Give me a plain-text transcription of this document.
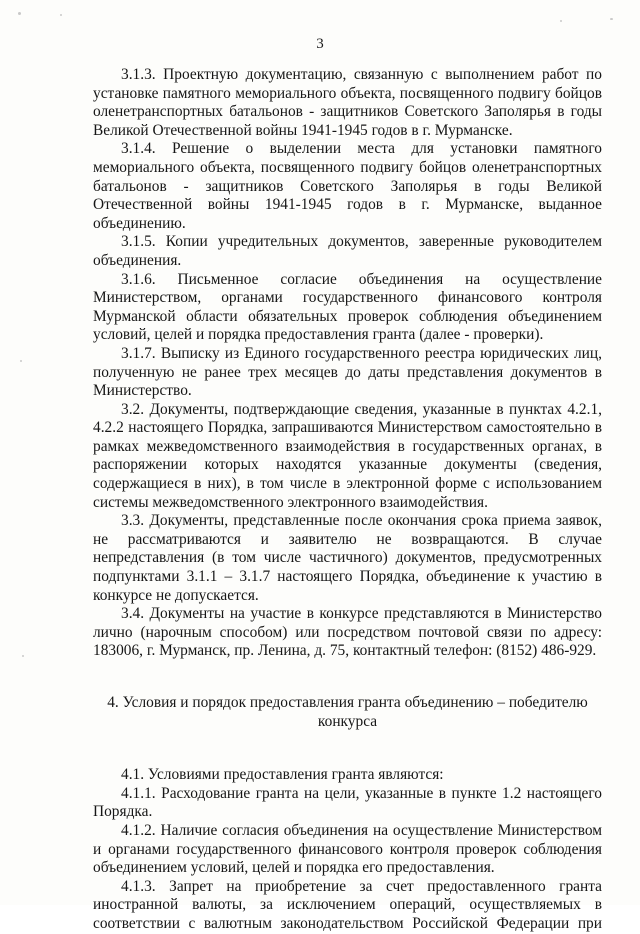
3

3.1.3. Проектную документацию, связанную с выполнением работ по установке памятного мемориального объекта, посвященного подвигу бойцов оленетранспортных батальонов - защитников Советского Заполярья в годы Великой Отечественной войны 1941-1945 годов в г. Мурманске.

3.1.4. Решение о выделении места для установки памятного мемориального объекта, посвященного подвигу бойцов оленетранспортных батальонов - защитников Советского Заполярья в годы Великой Отечественной войны 1941-1945 годов в г. Мурманске, выданное объединению.

3.1.5. Копии учредительных документов, заверенные руководителем объединения.

3.1.6. Письменное согласие объединения на осуществление Министерством, органами государственного финансового контроля Мурманской области обязательных проверок соблюдения объединением условий, целей и порядка предоставления гранта (далее - проверки).

3.1.7. Выписку из Единого государственного реестра юридических лиц, полученную не ранее трех месяцев до даты представления документов в Министерство.

3.2. Документы, подтверждающие сведения, указанные в пунктах 4.2.1, 4.2.2 настоящего Порядка, запрашиваются Министерством самостоятельно в рамках межведомственного взаимодействия в государственных органах, в распоряжении которых находятся указанные документы (сведения, содержащиеся в них), в том числе в электронной форме с использованием системы межведомственного электронного взаимодействия.

3.3. Документы, представленные после окончания срока приема заявок, не рассматриваются и заявителю не возвращаются. В случае непредставления (в том числе частичного) документов, предусмотренных подпунктами 3.1.1 – 3.1.7 настоящего Порядка, объединение к участию в конкурсе не допускается.

3.4. Документы на участие в конкурсе представляются в Министерство лично (нарочным способом) или посредством почтовой связи по адресу: 183006, г. Мурманск, пр. Ленина, д. 75, контактный телефон: (8152) 486-929.

4. Условия и порядок предоставления гранта объединению – победителю
конкурса

4.1. Условиями предоставления гранта являются:

4.1.1. Расходование гранта на цели, указанные в пункте 1.2 настоящего Порядка.

4.1.2. Наличие согласия объединения на осуществление Министерством и органами государственного финансового контроля проверок соблюдения объединением условий, целей и порядка его предоставления.

4.1.3. Запрет на приобретение за счет предоставленного гранта иностранной валюты, за исключением операций, осуществляемых в соответствии с валютным законодательством Российской Федерации при
